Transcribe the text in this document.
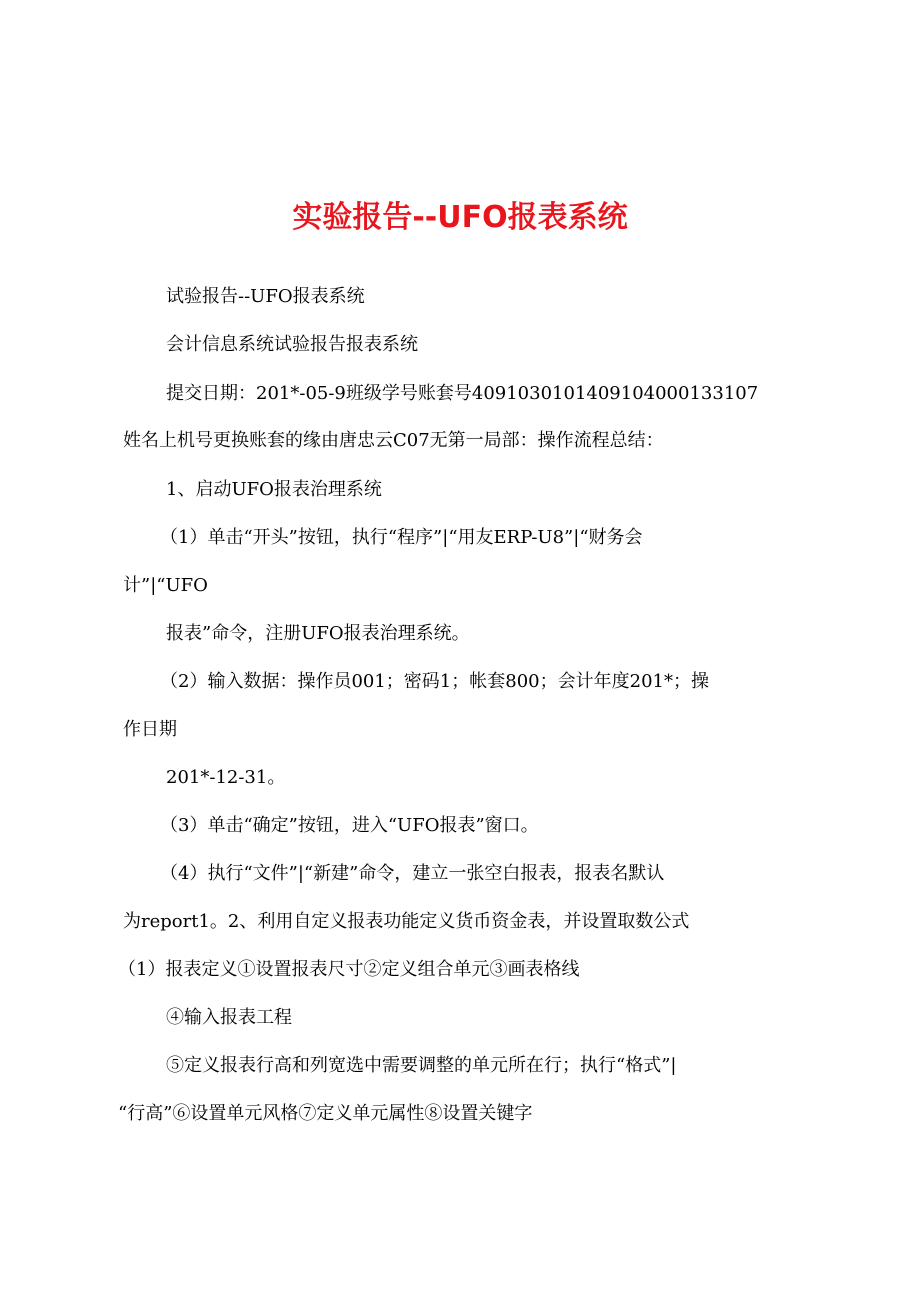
实验报告--UFO报表系统
试验报告--UFO报表系统
会计信息系统试验报告报表系统
提交日期：201*-05-9班级学号账套号409103010140910400013310​7
姓名上机号更换账套的缘由唐忠云C07无第一局部：操作流程总结：
1、启动UFO报表治理系统
（1）单击“开头”按钮，执行“程序”|“用友ERP-U8”|“财务会
计”|“UFO
报表”命令，注册UFO报表治理系统。
（2）输入数据：操作员001；密码1；帐套800；会计年度201*；操
作日期
201*-12-31。
（3）单击“确定”按钮，进入“UFO报表”窗口。
（4）执行“文件”|“新建”命令，建立一张空白报表，报表名默认
为report1。2、利用自定义报表功能定义货币资金表，并设置取数公式
（1）报表定义①设置报表尺寸②定义组合单元③画表格线
④输入报表工程
⑤定义报表行高和列宽选中需要调整的单元所在行；执行“格式”|
“行高”⑥设置单元风格⑦定义单元属性⑧设置关键字
